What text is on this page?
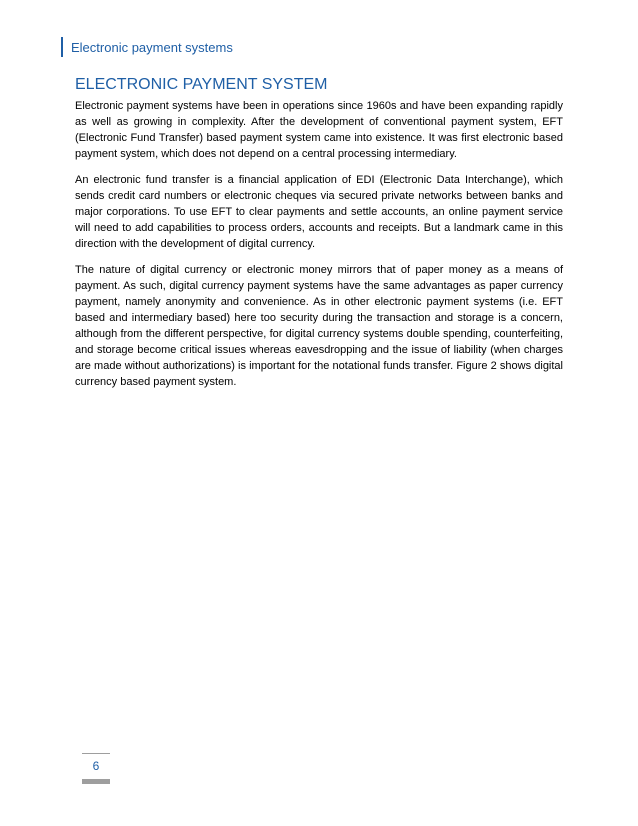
Electronic payment systems
ELECTRONIC PAYMENT SYSTEM

Electronic payment systems have been in operations since 1960s and have been expanding rapidly as well as growing in complexity. After the development of conventional payment system, EFT (Electronic Fund Transfer) based payment system came into existence. It was first electronic based payment system, which does not depend on a central processing intermediary.

An electronic fund transfer is a financial application of EDI (Electronic Data Interchange), which sends credit card numbers or electronic cheques via secured private networks between banks and major corporations. To use EFT to clear payments and settle accounts, an online payment service will need to add capabilities to process orders, accounts and receipts. But a landmark came in this direction with the development of digital currency.

The nature of digital currency or electronic money mirrors that of paper money as a means of payment. As such, digital currency payment systems have the same advantages as paper currency payment, namely anonymity and convenience. As in other electronic payment systems (i.e. EFT based and intermediary based) here too security during the transaction and storage is a concern, although from the different perspective, for digital currency systems double spending, counterfeiting, and storage become critical issues whereas eavesdropping and the issue of liability (when charges are made without authorizations) is important for the notational funds transfer. Figure 2 shows digital currency based payment system.

6
